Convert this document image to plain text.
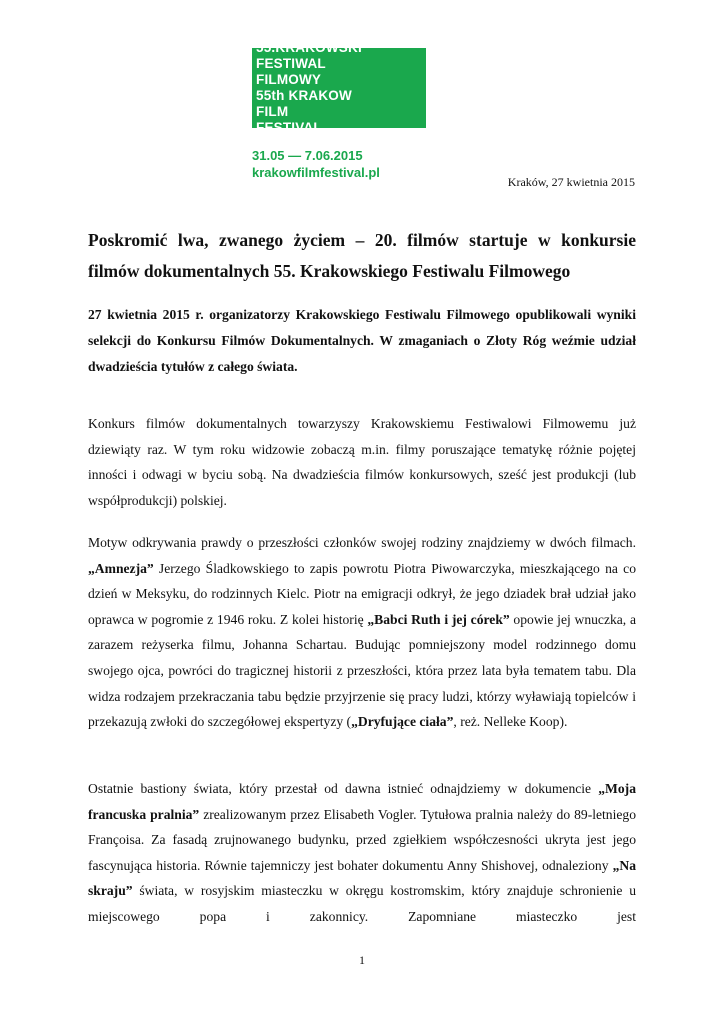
55.KRAKOWSKI
FESTIWAL
FILMOWY
55th KRAKOW
FILM
FESTIVAL
31.05 — 7.06.2015
krakowfilmfestival.pl
Kraków, 27 kwietnia 2015
Poskromić lwa, zwanego życiem – 20. filmów startuje w konkursie filmów dokumentalnych 55. Krakowskiego Festiwalu Filmowego

27 kwietnia 2015 r. organizatorzy Krakowskiego Festiwalu Filmowego opublikowali wyniki selekcji do Konkursu Filmów Dokumentalnych. W zmaganiach o Złoty Róg weźmie udział dwadzieścia tytułów z całego świata.

Konkurs filmów dokumentalnych towarzyszy Krakowskiemu Festiwalowi Filmowemu już dziewiąty raz. W tym roku widzowie zobaczą m.in. filmy poruszające tematykę różnie pojętej inności i odwagi w byciu sobą. Na dwadzieścia filmów konkursowych, sześć jest produkcji (lub współprodukcji) polskiej.

Motyw odkrywania prawdy o przeszłości członków swojej rodziny znajdziemy w dwóch filmach. „Amnezja” Jerzego Śladkowskiego to zapis powrotu Piotra Piwowarczyka, mieszkającego na co dzień w Meksyku, do rodzinnych Kielc. Piotr na emigracji odkrył, że jego dziadek brał udział jako oprawca w pogromie z 1946 roku. Z kolei historię „Babci Ruth i jej córek” opowie jej wnuczka, a zarazem reżyserka filmu, Johanna Schartau. Budując pomniejszony model rodzinnego domu swojego ojca, powróci do tragicznej historii z przeszłości, która przez lata była tematem tabu. Dla widza rodzajem przekraczania tabu będzie przyjrzenie się pracy ludzi, którzy wyławiają topielców i przekazują zwłoki do szczegółowej ekspertyzy („Dryfujące ciała”, reż. Nelleke Koop).

Ostatnie bastiony świata, który przestał od dawna istnieć odnajdziemy w dokumencie „Moja francuska pralnia” zrealizowanym przez Elisabeth Vogler. Tytułowa pralnia należy do 89-letniego Françoisa. Za fasadą zrujnowanego budynku, przed zgiełkiem współczesności ukryta jest jego fascynująca historia. Równie tajemniczy jest bohater dokumentu Anny Shishovej, odnaleziony „Na skraju” świata, w rosyjskim miasteczku w okręgu kostromskim, który znajduje schronienie u miejscowego popa i zakonnicy. Zapomniane miasteczko jest

1
